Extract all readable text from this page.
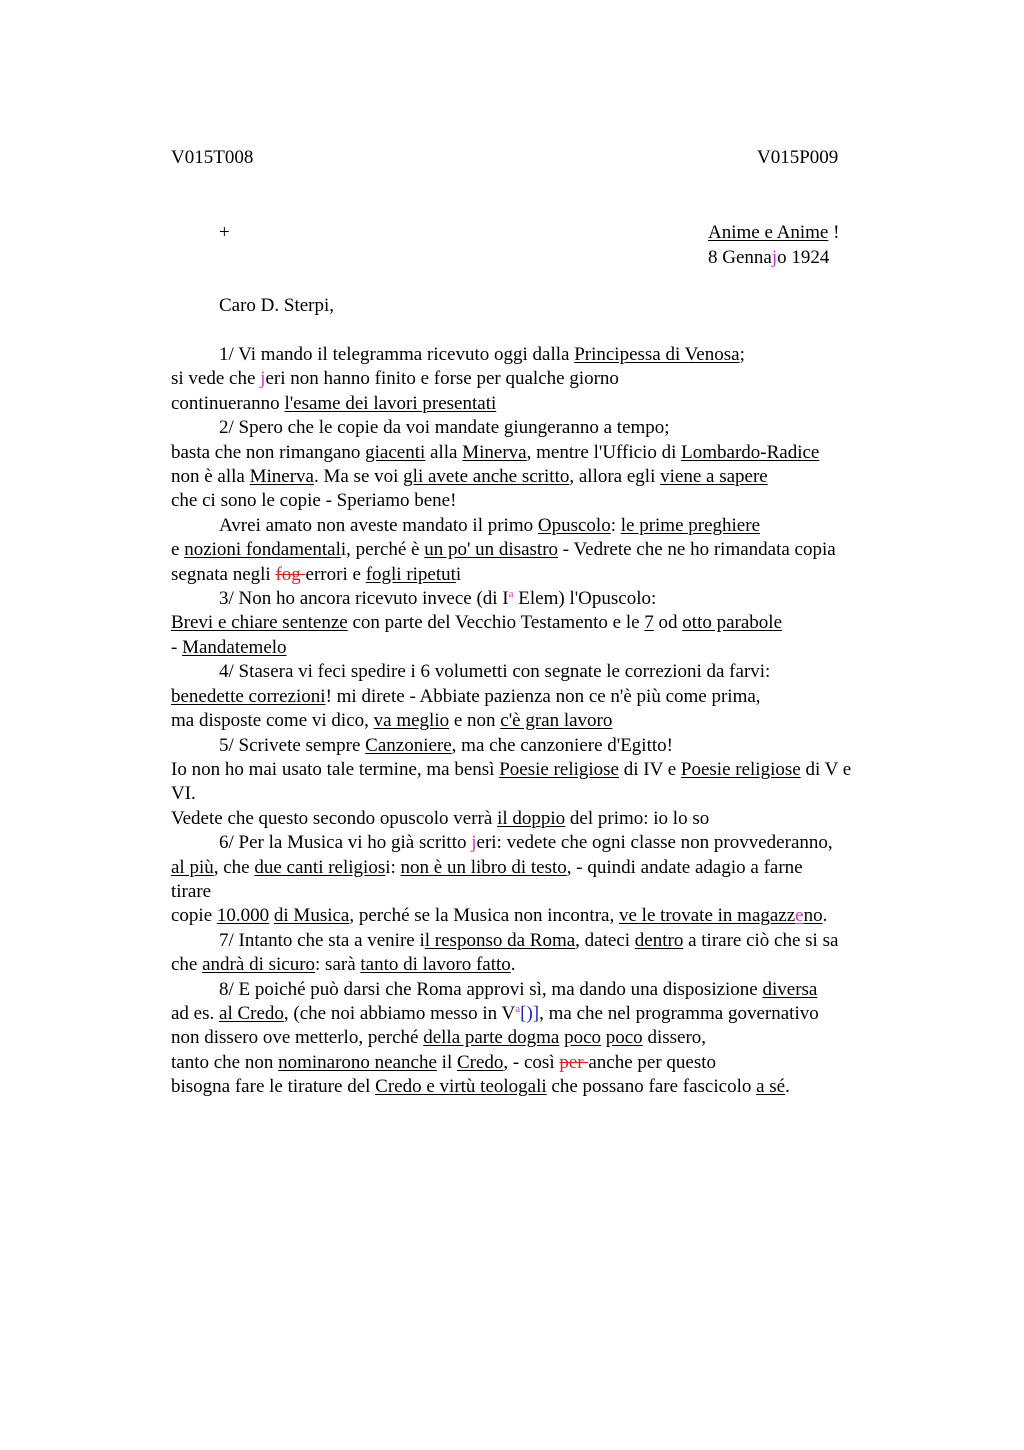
V015T008	V015P009
+	Anime e Anime !
8 Gennajo 1924
Caro D. Sterpi,
1/ Vi mando il telegramma ricevuto oggi dalla Principessa di Venosa;
si vede che jeri non hanno finito e forse per qualche giorno
continueranno l'esame dei lavori presentati
2/ Spero che le copie da voi mandate giungeranno a tempo;
basta che non rimangano giacenti alla Minerva, mentre l'Ufficio di Lombardo-Radice
non è alla Minerva. Ma se voi gli avete anche scritto, allora egli viene a sapere
che ci sono le copie - Speriamo bene!
Avrei amato non aveste mandato il primo Opuscolo: le prime preghiere
e nozioni fondamentali, perché è un po' un disastro - Vedrete che ne ho rimandata copia
segnata negli fog errori e fogli ripetuti
3/ Non ho ancora ricevuto invece (di $I^a$ Elem) l'Opuscolo:
Brevi e chiare sentenze con parte del Vecchio Testamento e le 7 od otto parabole
- Mandatemelo
4/ Stasera vi feci spedire i 6 volumetti con segnate le correzioni da farvi:
benedette correzioni! mi direte - Abbiate pazienza non ce n'è più come prima,
ma disposte come vi dico, va meglio e non c'è gran lavoro
5/ Scrivete sempre Canzoniere, ma che canzoniere d'Egitto!
Io non ho mai usato tale termine, ma bensì Poesie religiose di IV e Poesie religiose di V e
VI.
Vedete che questo secondo opuscolo verrà il doppio del primo: io lo so
6/ Per la Musica vi ho già scritto jeri: vedete che ogni classe non provvederanno,
al più, che due canti religiosi: non è un libro di testo, - quindi andate adagio a farne
tirare
copie 10.000 di Musica, perché se la Musica non incontra, ve le trovate in magazzeno.
7/ Intanto che sta a venire il responso da Roma, dateci dentro a tirare ciò che si sa
che andrà di sicuro: sarà tanto di lavoro fatto.
8/ E poiché può darsi che Roma approvi sì, ma dando una disposizione diversa
ad es. al Credo, (che noi abbiamo messo in $V^a[)$], ma che nel programma governativo
non dissero ove metterlo, perché della parte dogma poco poco dissero,
tanto che non nominarono neanche il Credo, - così per anche per questo
bisogna fare le tirature del Credo e virtù teologali che possano fare fascicolo a sé.
